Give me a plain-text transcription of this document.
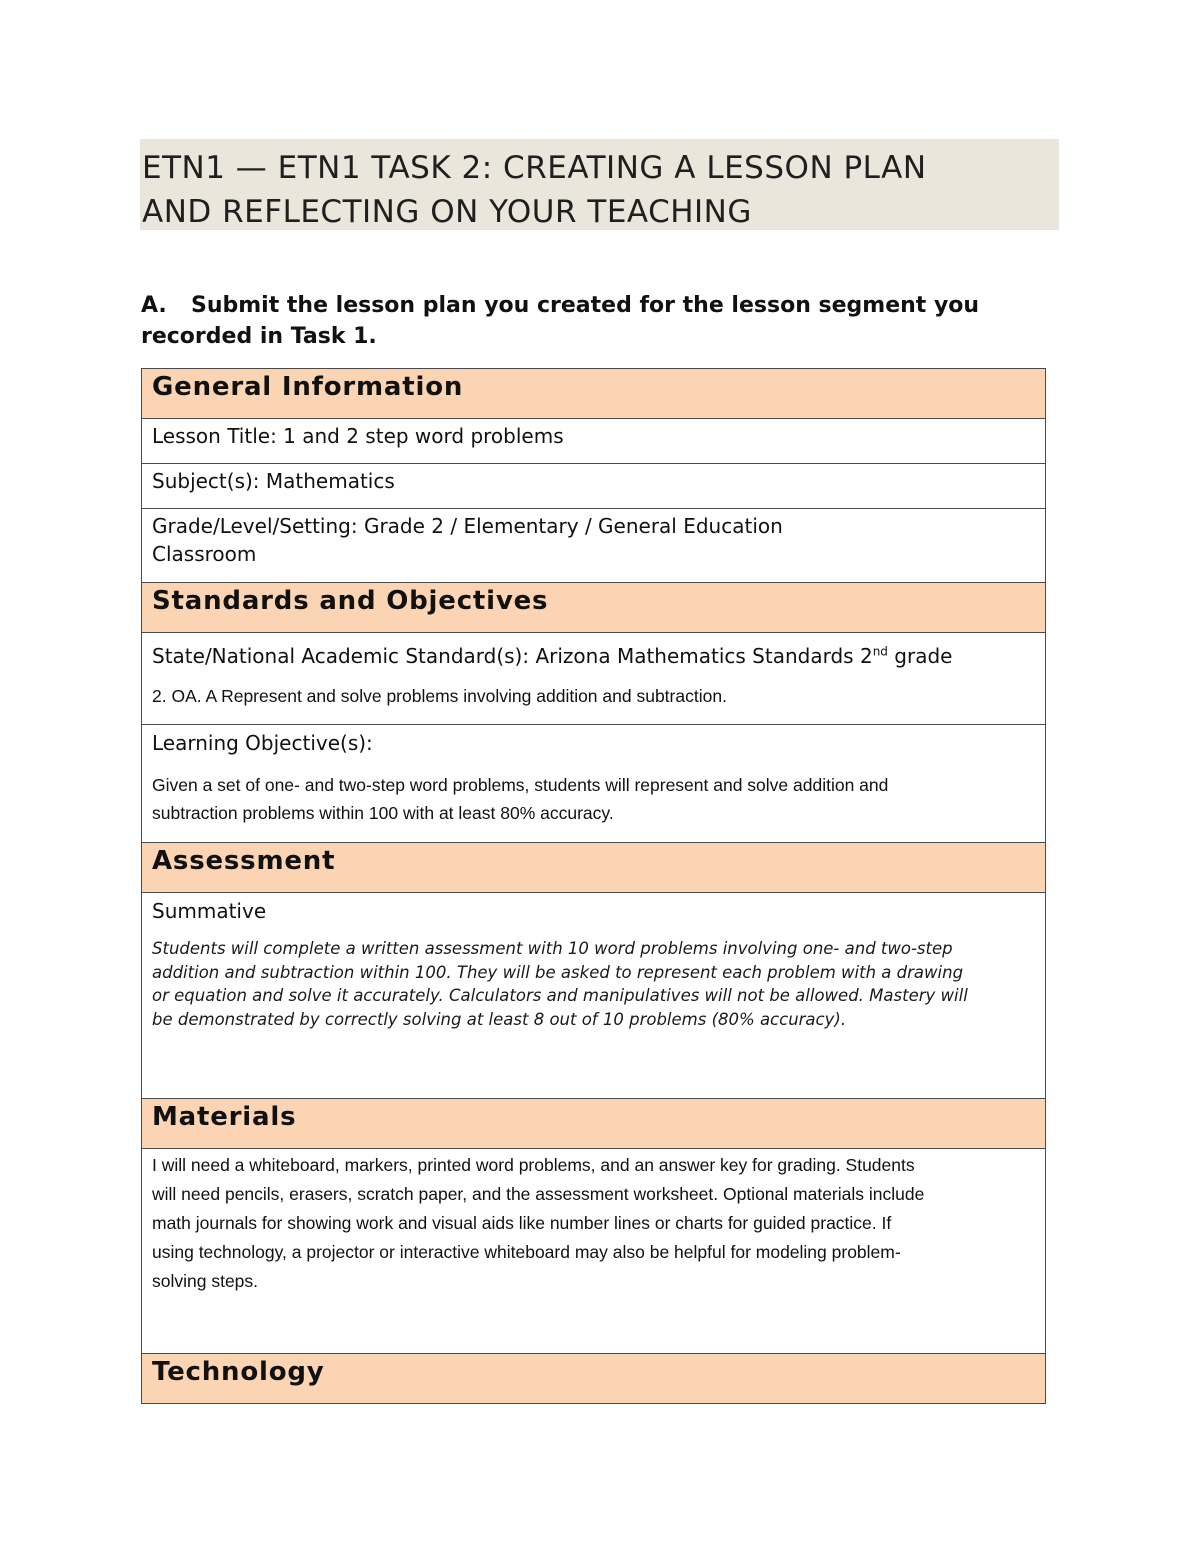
ETN1 — ETN1 TASK 2: CREATING A LESSON PLAN
AND REFLECTING ON YOUR TEACHING
A. Submit the lesson plan you created for the lesson segment you
recorded in Task 1.
General Information
Lesson Title: 1 and 2 step word problems
Subject(s): Mathematics

Grade/Level/Setting: Grade 2 / Elementary / General Education
Classroom

Standards and Objectives

State/National Academic Standard(s): Arizona Mathematics Standards 2nd grade
2. OA. A Represent and solve problems involving addition and subtraction.

Learning Objective(s):
Given a set of one- and two-step word problems, students will represent and solve addition and
subtraction problems within 100 with at least 80% accuracy.

Assessment

Summative
Students will complete a written assessment with 10 word problems involving one- and two-step
addition and subtraction within 100. They will be asked to represent each problem with a drawing
or equation and solve it accurately. Calculators and manipulatives will not be allowed. Mastery will
be demonstrated by correctly solving at least 8 out of 10 problems (80% accuracy).

Materials

I will need a whiteboard, markers, printed word problems, and an answer key for grading. Students
will need pencils, erasers, scratch paper, and the assessment worksheet. Optional materials include
math journals for showing work and visual aids like number lines or charts for guided practice. If
using technology, a projector or interactive whiteboard may also be helpful for modeling problem-
solving steps.

Technology
